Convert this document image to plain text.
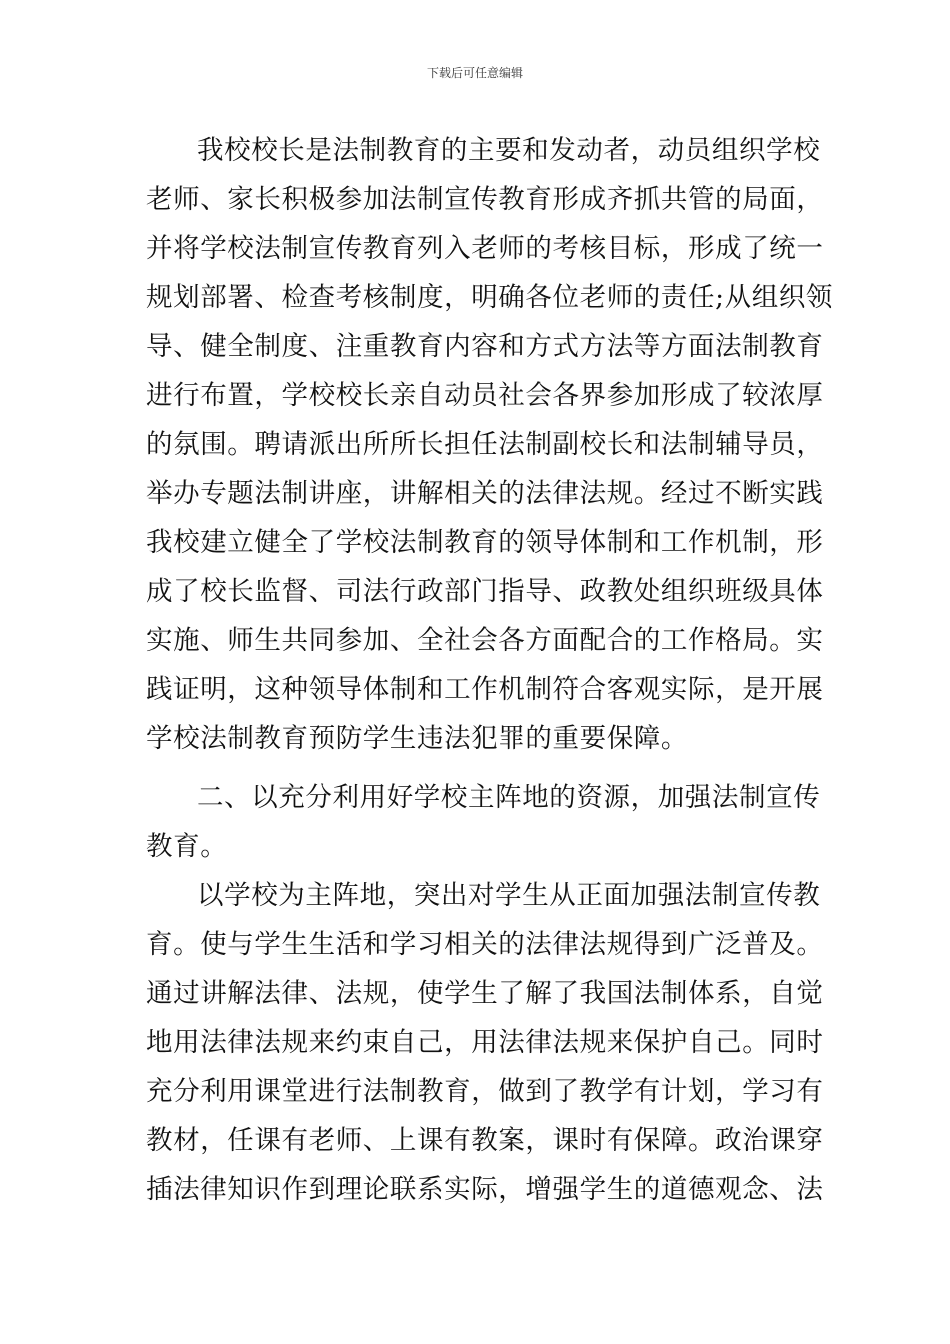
下载后可任意编辑
我校校长是法制教育的主要和发动者，动员组织学校
老师、家长积极参加法制宣传教育形成齐抓共管的局面，
并将学校法制宣传教育列入老师的考核目标，形成了统一
规划部署、检查考核制度，明确各位老师的责任;从组织领
导、健全制度、注重教育内容和方式方法等方面法制教育
进行布置，学校校长亲自动员社会各界参加形成了较浓厚
的氛围。聘请派出所所长担任法制副校长和法制辅导员，
举办专题法制讲座，讲解相关的法律法规。经过不断实践
我校建立健全了学校法制教育的领导体制和工作机制，形
成了校长监督、司法行政部门指导、政教处组织班级具体
实施、师生共同参加、全社会各方面配合的工作格局。实
践证明，这种领导体制和工作机制符合客观实际，是开展
学校法制教育预防学生违法犯罪的重要保障。
二、以充分利用好学校主阵地的资源，加强法制宣传
教育。
以学校为主阵地，突出对学生从正面加强法制宣传教
育。使与学生生活和学习相关的法律法规得到广泛普及。
通过讲解法律、法规，使学生了解了我国法制体系，自觉
地用法律法规来约束自己，用法律法规来保护自己。同时
充分利用课堂进行法制教育，做到了教学有计划，学习有
教材，任课有老师、上课有教案，课时有保障。政治课穿
插法律知识作到理论联系实际，增强学生的道德观念、法
